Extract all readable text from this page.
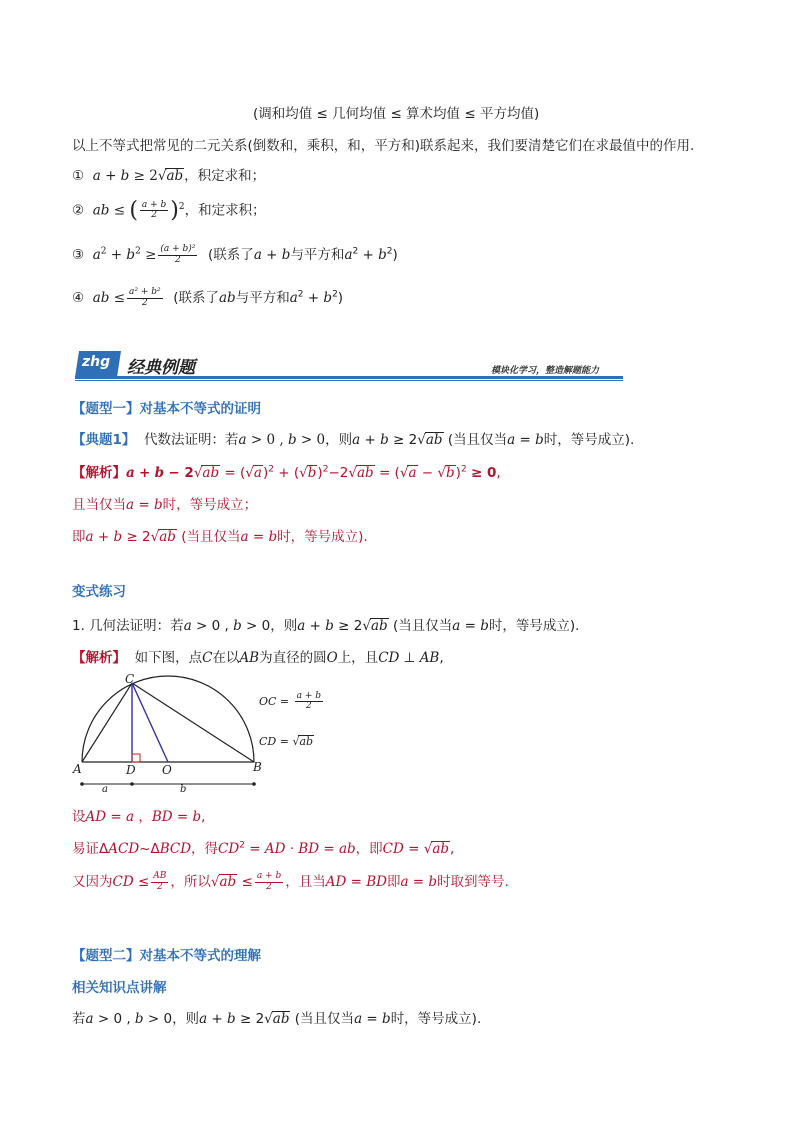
(调和均值 ≤ 几何均值 ≤ 算术均值 ≤ 平方均值)
以上不等式把常见的二元关系(倒数和，乘积，和，平方和)联系起来，我们要清楚它们在求最值中的作用.
① a + b ≥ 2√ab，积定求和；
② ab ≤ ( $\frac{a + b}{2} )^2$，和定求积；
③ $a^2 + b^2 \ge \frac{\text{(a + b)²}}{2}$ (联系了a + b与平方和$a^2 + b^2$)
④ ab ≤ $\frac{\text{a² + b²}}{2}$ (联系了ab与平方和$a^2 + b^2$)
zhg 经典例题	模块化学习，整造解题能力
【题型一】对基本不等式的证明
【典题1】 代数法证明：若a > 0 , b > 0，则a + b ≥ 2√ab (当且仅当a = b时，等号成立).
【解析】$a + b - 2√ab = (√a)^2 + (√b)^2-2√ab = (√a - √b)^2 \ge 0$,
且当仅当a = b时，等号成立；
即a + b ≥ 2√ab (当且仅当a = b时，等号成立).
变式练习
1. 几何法证明：若a > 0 , b > 0，则a + b ≥ 2√ab (当且仅当a = b时，等号成立).
【解析】 如下图，点C在以AB为直径的圆O上，且CD ⊥ AB,
C
A	D O	B
a	b
OC = $\frac{a + b}{2}$
CD = √ab
设AD = a ，BD = b,
易证ΔACD~ΔBCD，得$CD^2$ = AD · BD = ab，即CD = √ab,
又因为CD ≤ $\frac{AB}{2}$ ，所以$√ab \le \frac{a + b}{2}$ ，且当AD = BD即a = b时取到等号.
【题型二】对基本不等式的理解
相关知识点讲解
若a > 0 , b > 0，则a + b ≥ 2√ab (当且仅当a = b时，等号成立).
